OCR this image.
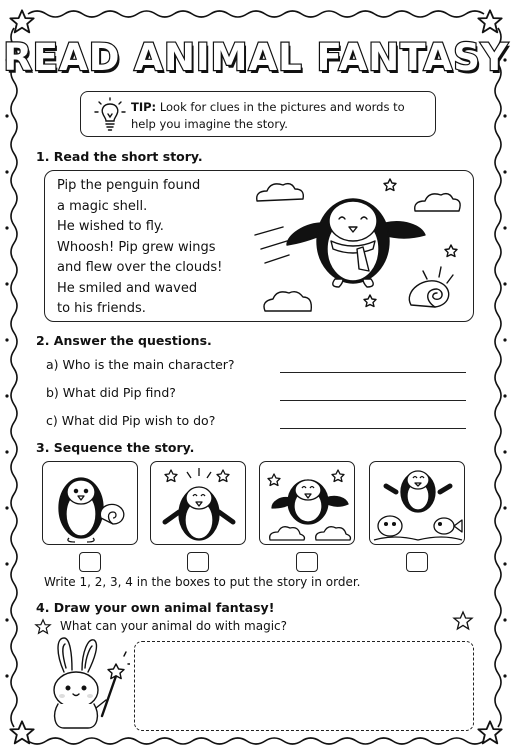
READ ANIMAL FANTASY
TIP: Look for clues in the pictures and words to help you imagine the story.
1. Read the short story.
Pip the penguin found
a magic shell.
He wished to fly.
Whoosh! Pip grew wings
and flew over the clouds!
He smiled and waved
to his friends.
2. Answer the questions.
a) Who is the main character?
b) What did Pip find?
c) What did Pip wish to do?
3. Sequence the story.
Write 1, 2, 3, 4 in the boxes to put the story in order.
4. Draw your own animal fantasy!
What can your animal do with magic?
